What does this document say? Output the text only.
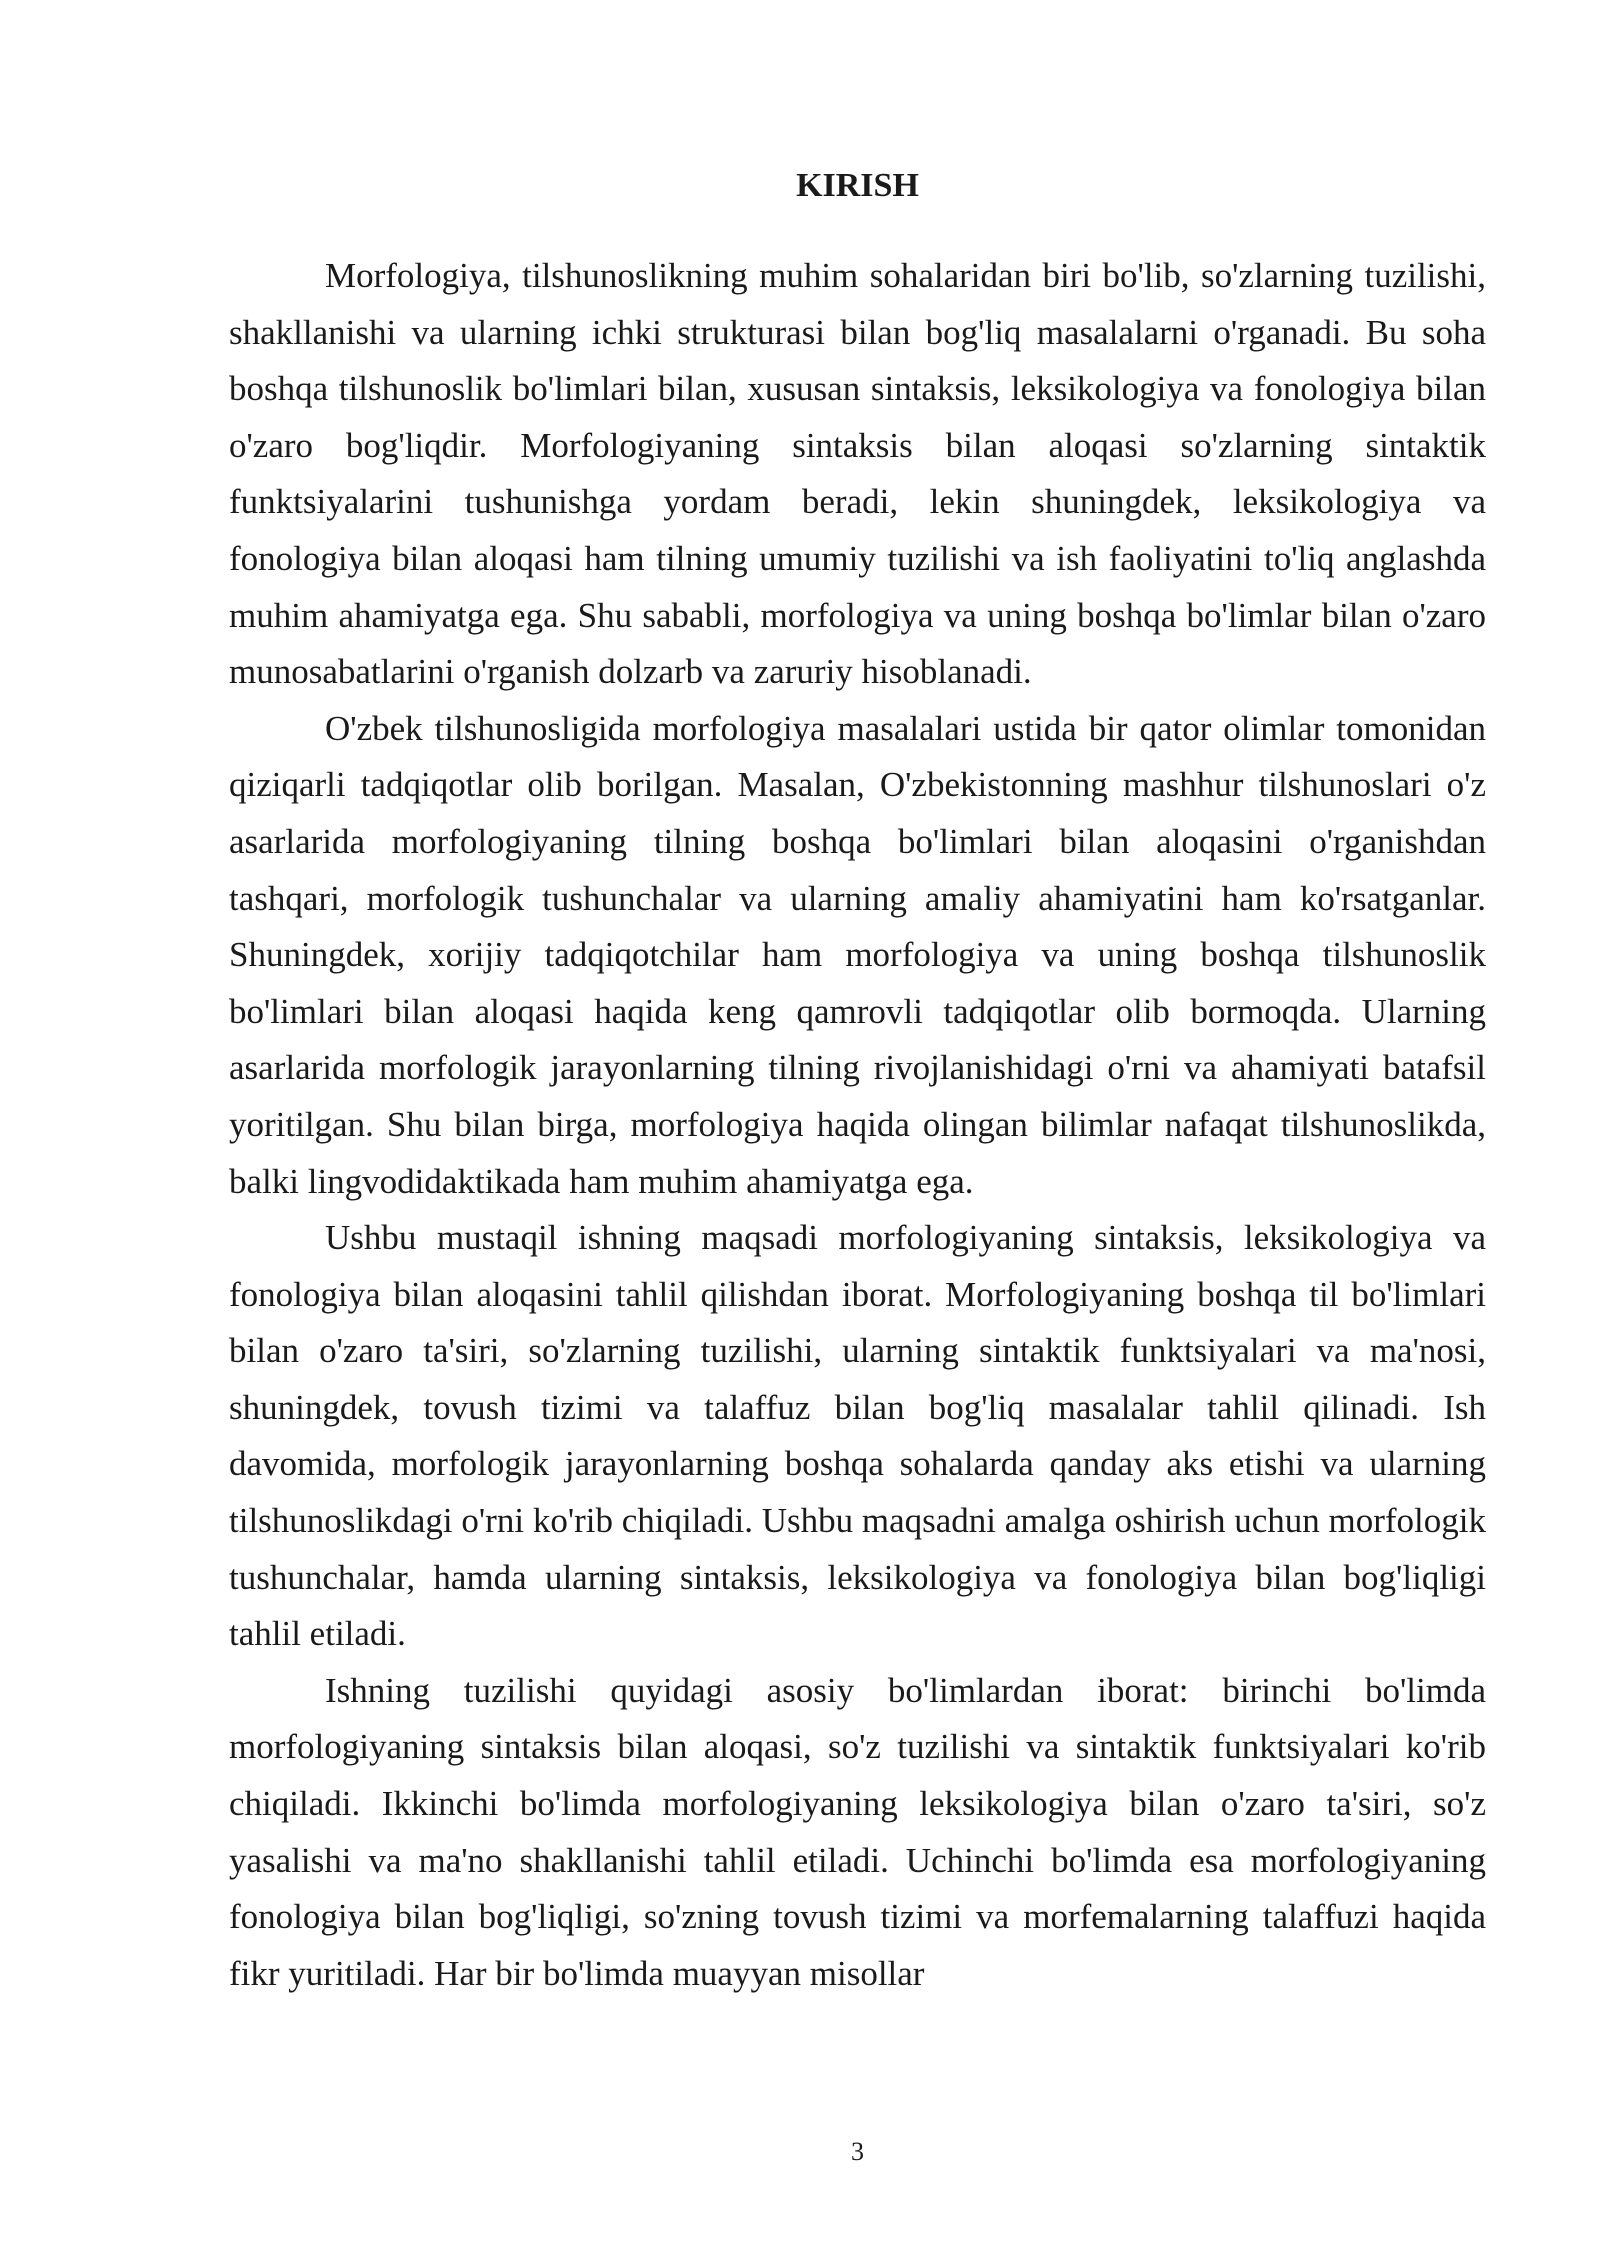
KIRISH

Morfologiya, tilshunoslikning muhim sohalaridan biri bo'lib, so'zlarning tuzilishi, shakllanishi va ularning ichki strukturasi bilan bog'liq masalalarni o'rganadi. Bu soha boshqa tilshunoslik bo'limlari bilan, xususan sintaksis, leksikologiya va fonologiya bilan o'zaro bog'liqdir. Morfologiyaning sintaksis bilan aloqasi so'zlarning sintaktik funktsiyalarini tushunishga yordam beradi, lekin shuningdek, leksikologiya va fonologiya bilan aloqasi ham tilning umumiy tuzilishi va ish faoliyatini to'liq anglashda muhim ahamiyatga ega. Shu sababli, morfologiya va uning boshqa bo'limlar bilan o'zaro munosabatlarini o'rganish dolzarb va zaruriy hisoblanadi.

O'zbek tilshunosligida morfologiya masalalari ustida bir qator olimlar tomonidan qiziqarli tadqiqotlar olib borilgan. Masalan, O'zbekistonning mashhur tilshunoslari o'z asarlarida morfologiyaning tilning boshqa bo'limlari bilan aloqasini o'rganishdan tashqari, morfologik tushunchalar va ularning amaliy ahamiyatini ham ko'rsatganlar. Shuningdek, xorijiy tadqiqotchilar ham morfologiya va uning boshqa tilshunoslik bo'limlari bilan aloqasi haqida keng qamrovli tadqiqotlar olib bormoqda. Ularning asarlarida morfologik jarayonlarning tilning rivojlanishidagi o'rni va ahamiyati batafsil yoritilgan. Shu bilan birga, morfologiya haqida olingan bilimlar nafaqat tilshunoslikda, balki lingvodidaktikada ham muhim ahamiyatga ega.

Ushbu mustaqil ishning maqsadi morfologiyaning sintaksis, leksikologiya va fonologiya bilan aloqasini tahlil qilishdan iborat. Morfologiyaning boshqa til bo'limlari bilan o'zaro ta'siri, so'zlarning tuzilishi, ularning sintaktik funktsiyalari va ma'nosi, shuningdek, tovush tizimi va talaffuz bilan bog'liq masalalar tahlil qilinadi. Ish davomida, morfologik jarayonlarning boshqa sohalarda qanday aks etishi va ularning tilshunoslikdagi o'rni ko'rib chiqiladi. Ushbu maqsadni amalga oshirish uchun morfologik tushunchalar, hamda ularning sintaksis, leksikologiya va fonologiya bilan bog'liqligi tahlil etiladi.

Ishning tuzilishi quyidagi asosiy bo'limlardan iborat: birinchi bo'limda morfologiyaning sintaksis bilan aloqasi, so'z tuzilishi va sintaktik funktsiyalari ko'rib chiqiladi. Ikkinchi bo'limda morfologiyaning leksikologiya bilan o'zaro ta'siri, so'z yasalishi va ma'no shakllanishi tahlil etiladi. Uchinchi bo'limda esa morfologiyaning fonologiya bilan bog'liqligi, so'zning tovush tizimi va morfemalarning talaffuzi haqida fikr yuritiladi. Har bir bo'limda muayyan misollar

3
